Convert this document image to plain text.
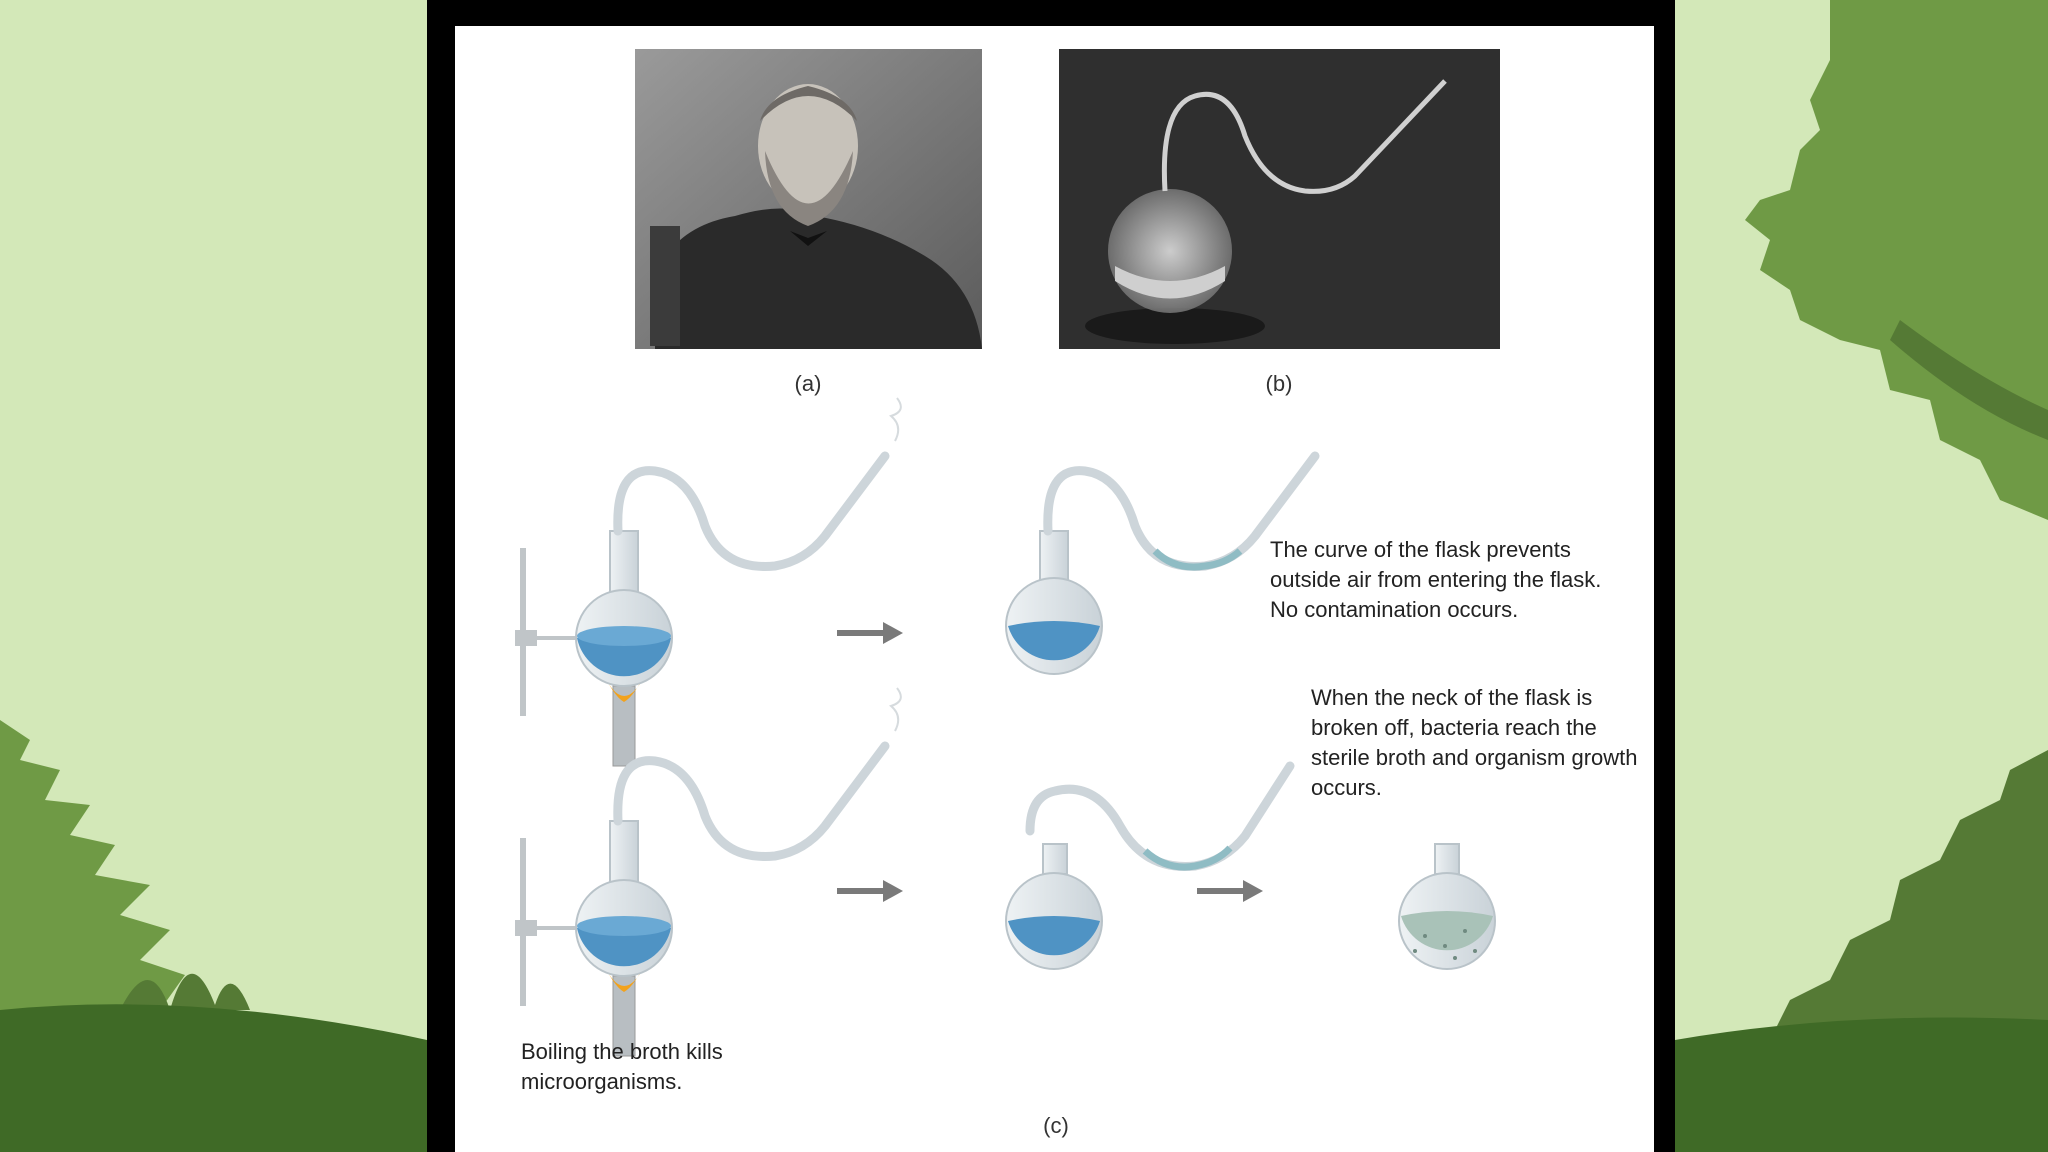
(a)	(b)
(c)
The curve of the flask prevents outside air from entering the flask. No contamination occurs.
When the neck of the flask is broken off, bacteria reach the sterile broth and organism growth occurs.
Boiling the broth kills microorganisms.
